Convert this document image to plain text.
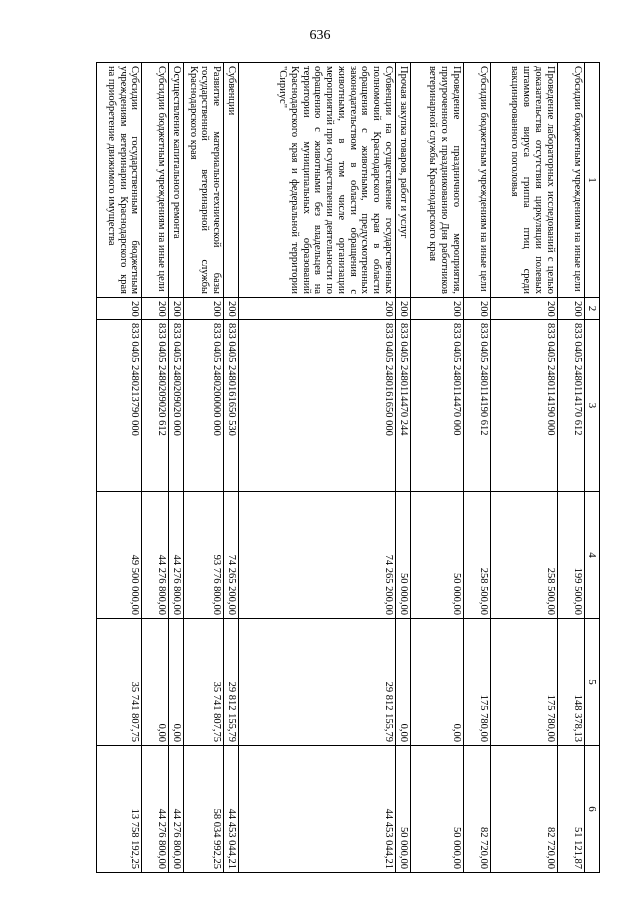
636
1	2	3	4	5	6
Субсидии бюджетным учреждениям на иные цели	200	833 0405 2480114170 612	199 500,00	148 378,13	51 121,87
Проведение лабораторных исследований с целью доказательства отсутствия циркуляции полевых штаммов вируса гриппа птиц среди вакцинированного поголовья	200	833 0405 2480114190 000	258 500,00	175 780,00	82 720,00
Субсидии бюджетным учреждениям на иные цели	200	833 0405 2480114190 612	258 500,00	175 780,00	82 720,00
Проведение праздничного мероприятия, приуроченного к праздникованию Дня работников ветеринарной службы Краснодарского края	200	833 0405 2480114470 000	50 000,00	0,00	50 000,00
Прочая закупка товаров, работ и услуг	200	833 0405 2480114470 244	50 000,00	0,00	50 000,00
Субвенции на осуществление государственных полномочий Краснодарского края в области обращения с животными, предусмотренных законодательством в области обращения с животными, в том числе организации мероприятий при осуществлении деятельности по обращению с животными без владельцев на территории муниципальных образований Краснодарского края и федеральной территории "Сириус"	200	833 0405 2480161650 000	74 265 200,00	29 812 155,79	44 453 044,21
Субвенции	200	833 0405 2480161650 530	74 265 200,00	29 812 155,79	44 453 044,21
Развитие материально-технической базы государственной ветеринарной службы Краснодарского края	200	833 0405 2480200000 000	93 776 800,00	35 741 807,75	58 034 992,25
Осуществление капитального ремонта	200	833 0405 2480209020 000	44 276 800,00	0,00	44 276 800,00
Субсидии бюджетным учреждениям на иные цели	200	833 0405 2480209020 612	44 276 800,00	0,00	44 276 800,00
Субсидии государственным бюджетным учреждениям ветеринарии Краснодарского края на приобретение движимого имущества	200	833 0405 2480213790 000	49 500 000,00	35 741 807,75	13 758 192,25
